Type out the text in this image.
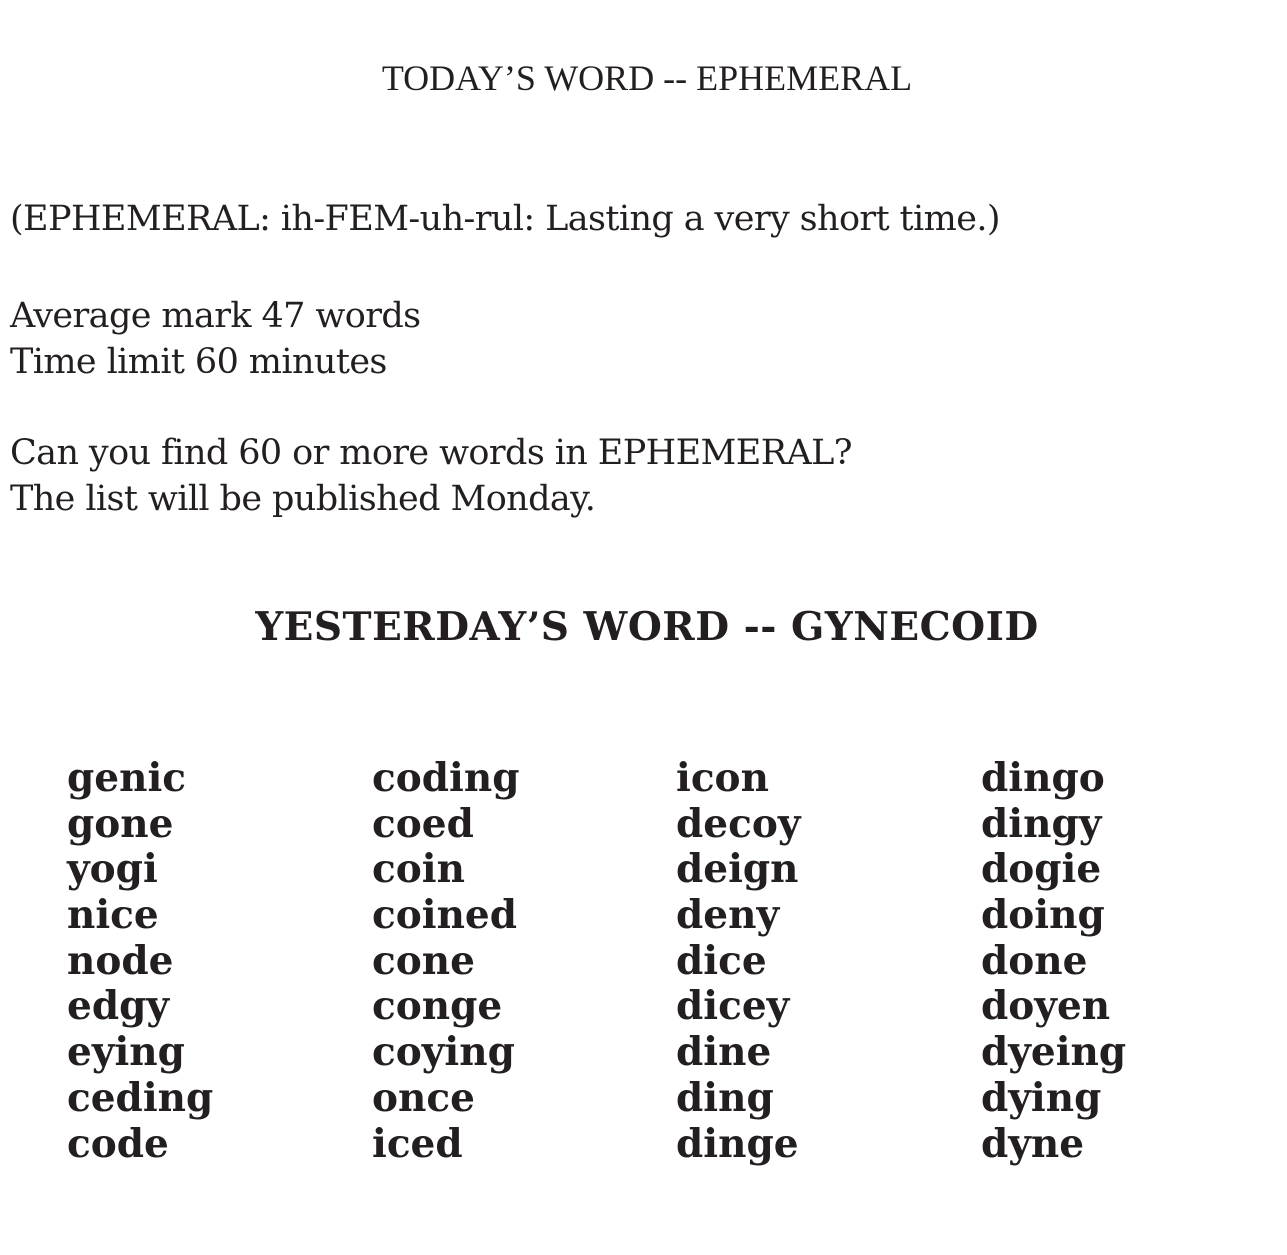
TODAY’S WORD -- EPHEMERAL
(EPHEMERAL: ih-FEM-uh-rul: Lasting a very short time.)
Average mark 47 words
Time limit 60 minutes
Can you find 60 or more words in EPHEMERAL?
The list will be published Monday.
YESTERDAY’S WORD -- GYNECOID
genic
gone
yogi
nice
node
edgy
eying
ceding
code
coding
coed
coin
coined
cone
conge
coying
once
iced
icon
decoy
deign
deny
dice
dicey
dine
ding
dinge
dingo
dingy
dogie
doing
done
doyen
dyeing
dying
dyne
